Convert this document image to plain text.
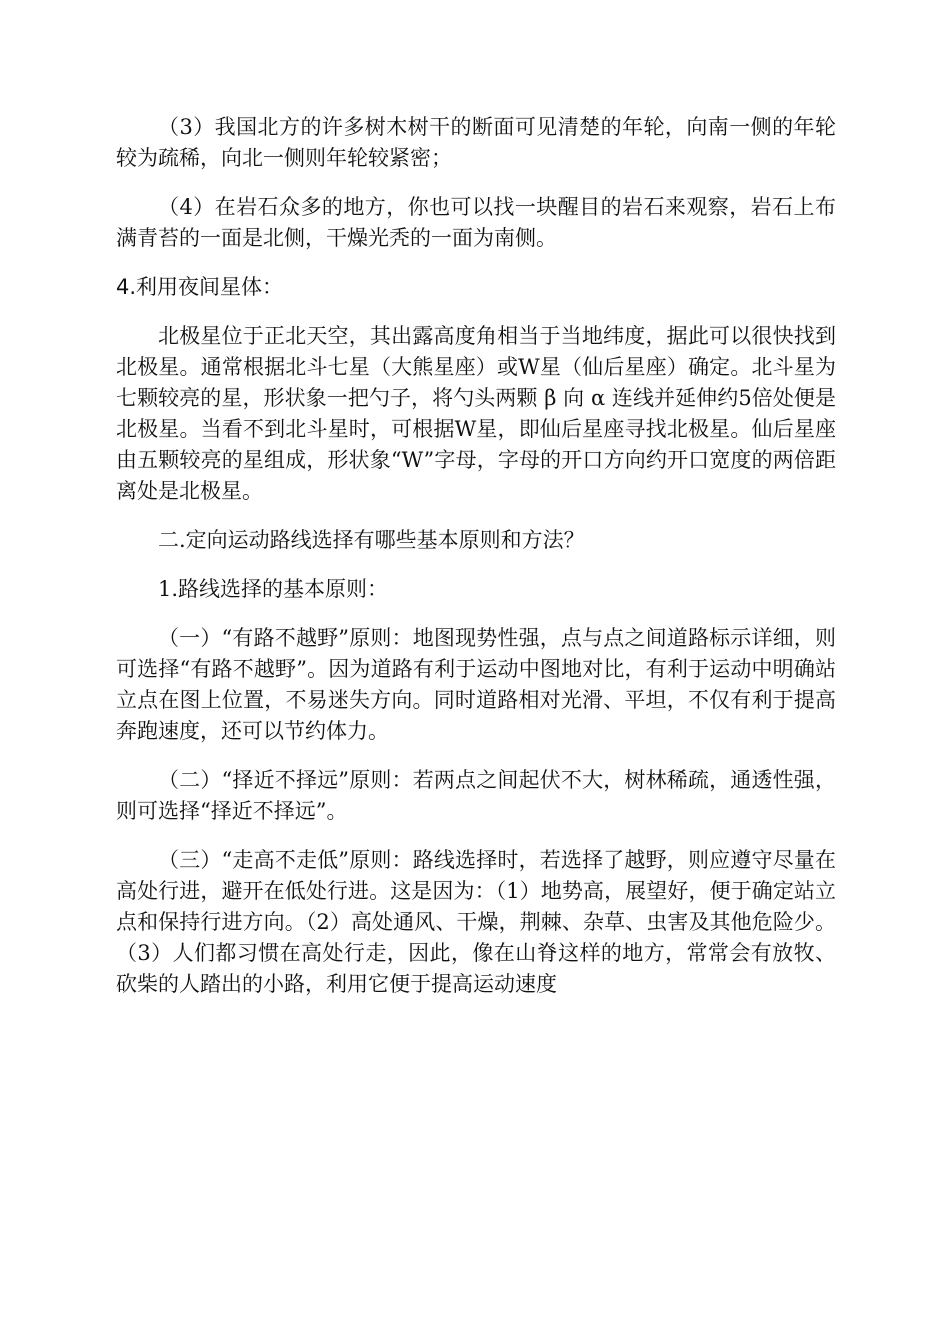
（3）我国北方的许多树木树干的断面可见清楚的年轮，向南一侧的年轮较为疏稀，向北一侧则年轮较紧密；

（4）在岩石众多的地方，你也可以找一块醒目的岩石来观察，岩石上布满青苔的一面是北侧，干燥光秃的一面为南侧。

4.利用夜间星体：

北极星位于正北天空，其出露高度角相当于当地纬度，据此可以很快找到北极星。通常根据北斗七星（大熊星座）或W星（仙后星座）确定。北斗星为七颗较亮的星，形状象一把勺子，将勺头两颗 β 向 α 连线并延伸约5倍处便是北极星。当看不到北斗星时，可根据W星，即仙后星座寻找北极星。仙后星座由五颗较亮的星组成，形状象“W”字母，字母的开口方向约开口宽度的两倍距离处是北极星。

二.定向运动路线选择有哪些基本原则和方法？

1.路线选择的基本原则：

（一）“有路不越野”原则：地图现势性强，点与点之间道路标示详细，则可选择“有路不越野”。因为道路有利于运动中图地对比，有利于运动中明确站立点在图上位置，不易迷失方向。同时道路相对光滑、平坦，不仅有利于提高奔跑速度，还可以节约体力。

（二）“择近不择远”原则：若两点之间起伏不大，树林稀疏，通透性强，则可选择“择近不择远”。

（三）“走高不走低”原则：路线选择时，若选择了越野，则应遵守尽量在高处行进，避开在低处行进。这是因为：（1）地势高，展望好，便于确定站立点和保持行进方向。（2）高处通风、干燥，荆棘、杂草、虫害及其他危险少。（3）人们都习惯在高处行走，因此，像在山脊这样的地方，常常会有放牧、砍柴的人踏出的小路，利用它便于提高运动速度
